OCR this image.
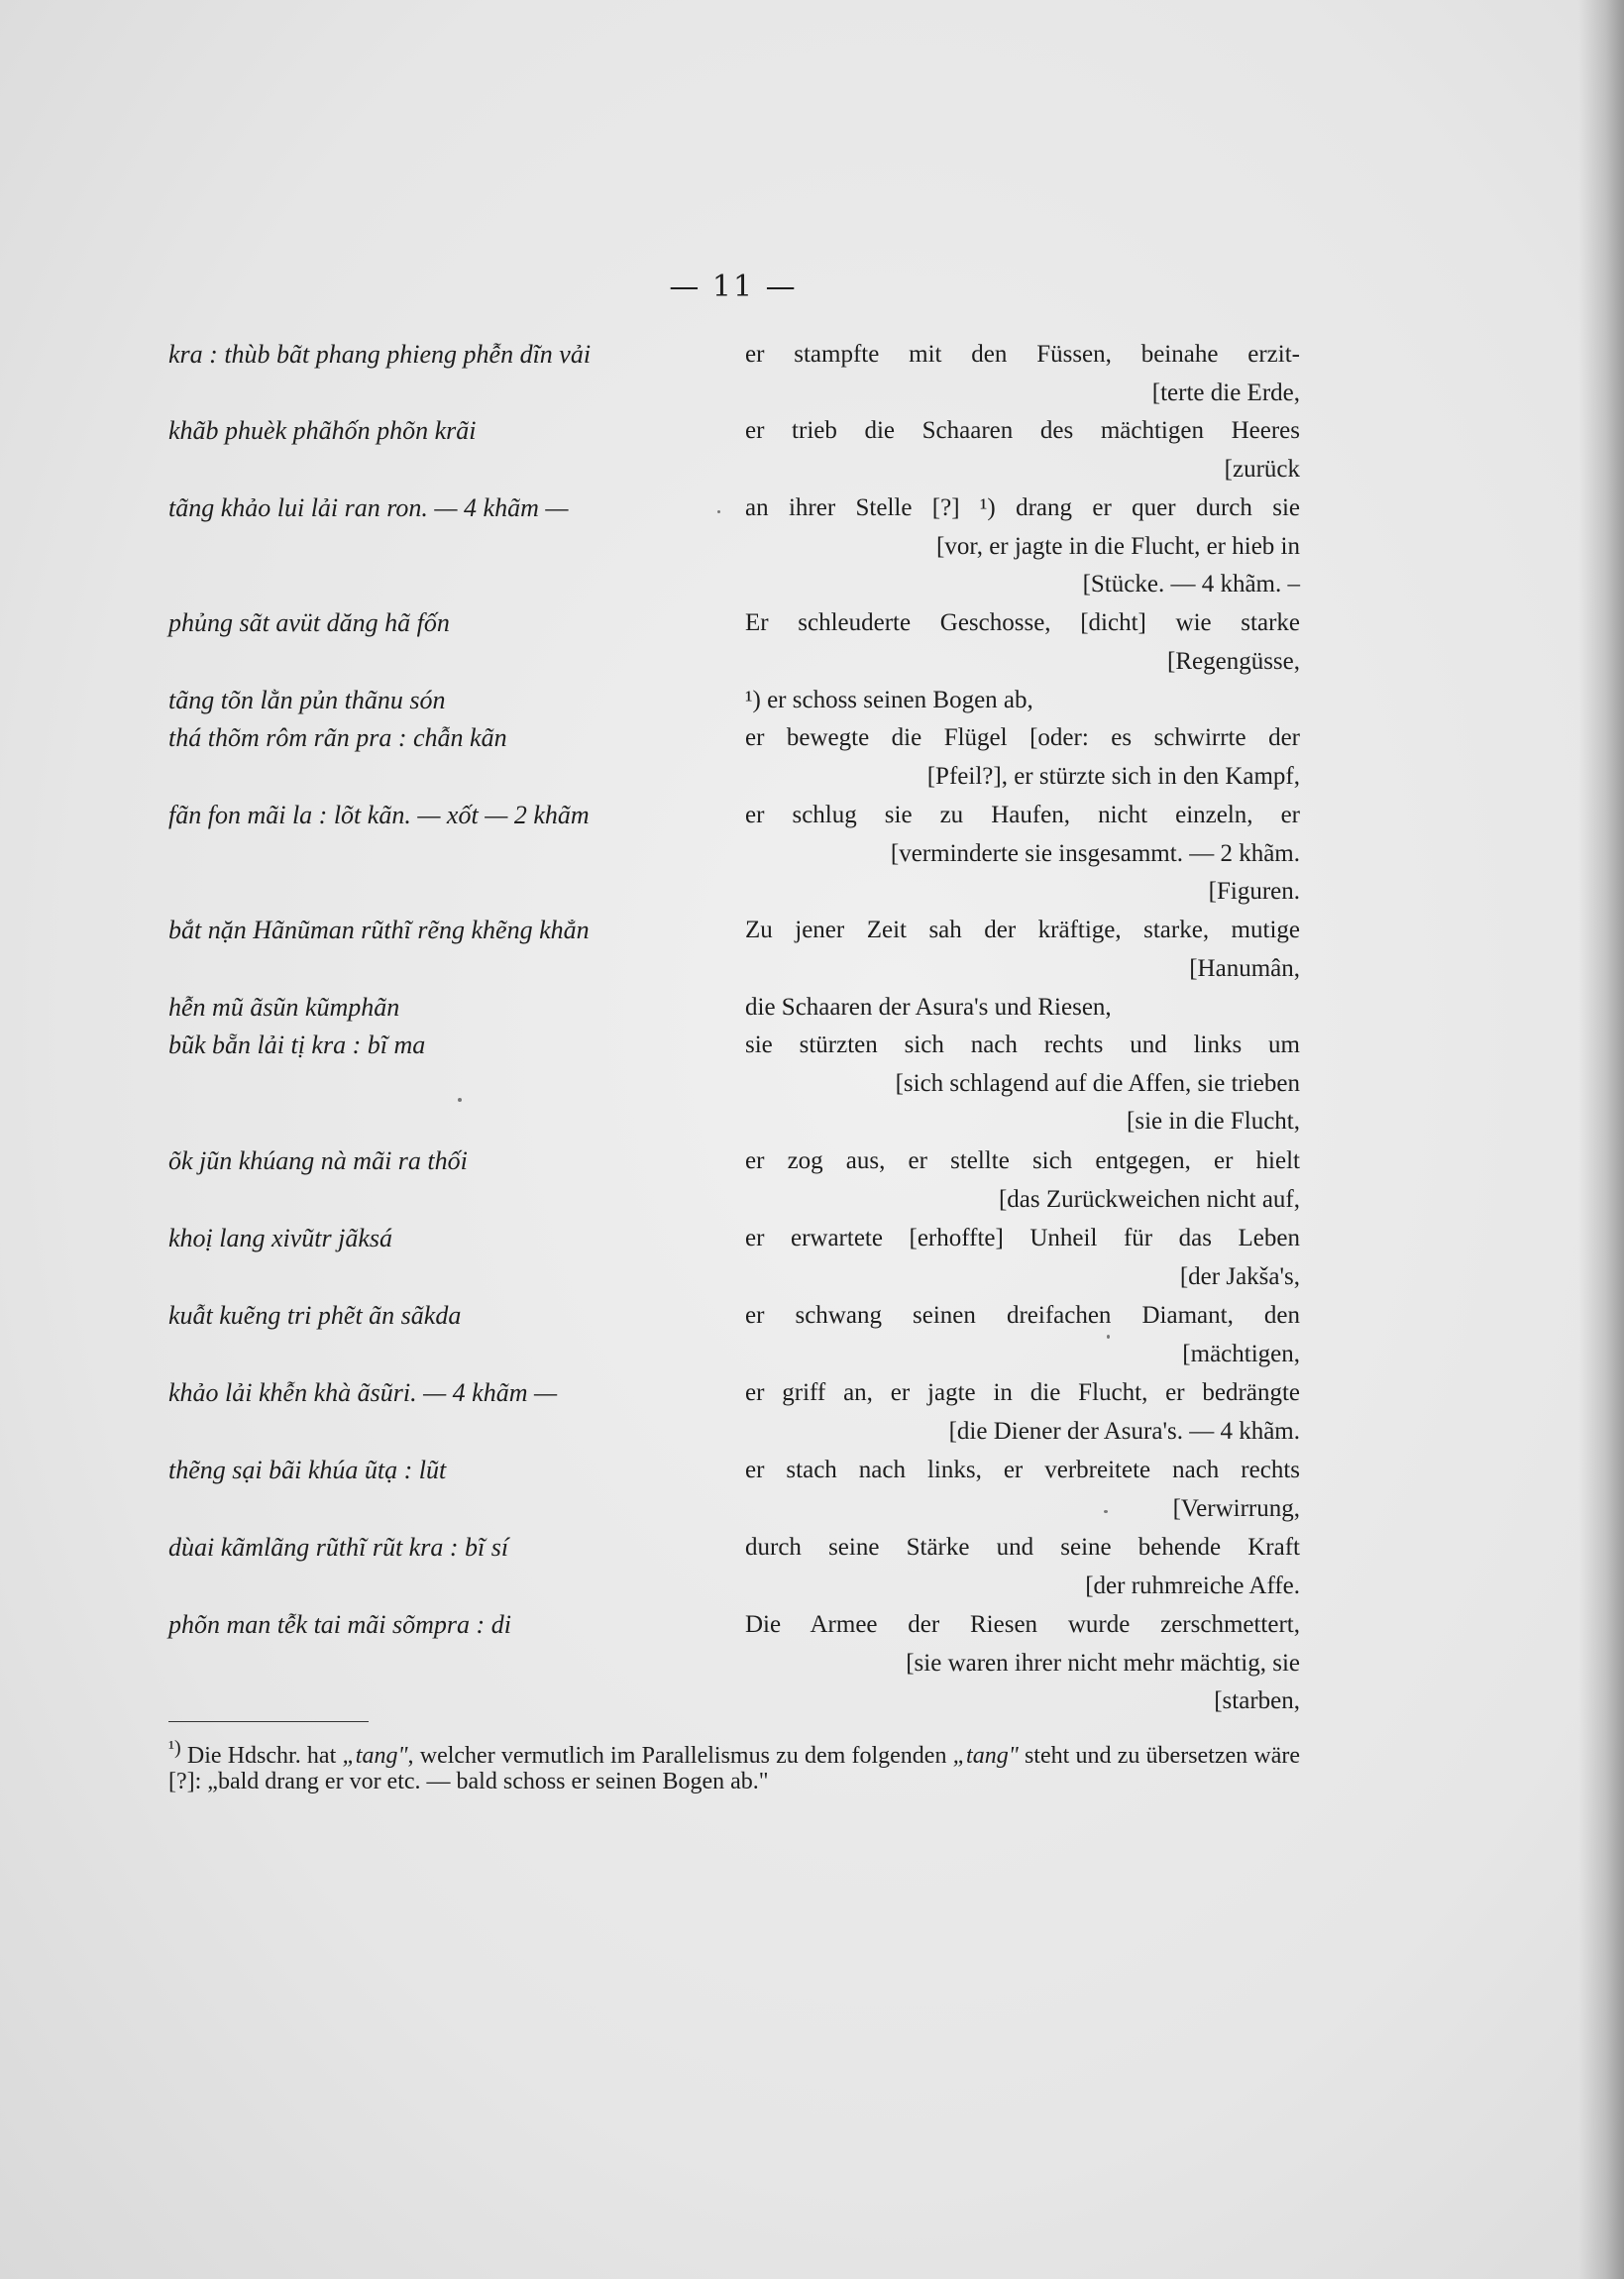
— 11 —
kra : thùb bãt phang phieng phễn dĩn vải	er stampfte mit den Füssen, beinahe erzit-
[terte die Erde,
khãb phuèk phãhốn phõn krãi	er trieb die Schaaren des mächtigen Heeres
[zurück
tãng khảo lui lải ran ron. — 4 khãm —	an ihrer Stelle [?] ¹) drang er quer durch sie
[vor, er jagte in die Flucht, er hieb in
[Stücke. — 4 khãm. –
phủng sãt avüt dăng hã fốn	Er schleuderte Geschosse, [dicht] wie starke
[Regengüsse,
tãng tõn lằn pủn thãnu són	¹) er schoss seinen Bogen ab,
thá thõm rôm rãn pra : chẫn kãn	er bewegte die Flügel [oder: es schwirrte der
[Pfeil?], er stürzte sich in den Kampf,
fãn fon mãi la : lõt kãn. — xốt — 2 khãm	er schlug sie zu Haufen, nicht einzeln, er
[verminderte sie insgesammt. — 2 khãm.
[Figuren.
bắt nặn Hãnũman rũthĩ rẽng khẽng khẳn	Zu jener Zeit sah der kräftige, starke, mutige
[Hanumân,
hễn mũ ãsũn kũmphãn	die Schaaren der Asura's und Riesen,
bũk bẵn lải tị kra : bĩ ma	sie stürzten sich nach rechts und links um
[sich schlagend auf die Affen, sie trieben
[sie in die Flucht,
õk jũn khúang nà mãi ra thối	er zog aus, er stellte sich entgegen, er hielt
[das Zurückweichen nicht auf,
khoị lang xivũtr jãksá	er erwartete [erhoffte] Unheil für das Leben
[der Jakša's,
kuẫt kuẽng tri phẽt ãn sãkda	er schwang seinen dreifachen Diamant, den
[mächtigen,
khảo lải khễn khà ãsũri. — 4 khãm —	er griff an, er jagte in die Flucht, er bedrängte
[die Diener der Asura's. — 4 khãm.
thẽng sại bãi khúa ũtạ : lũt	er stach nach links, er verbreitete nach rechts
[Verwirrung,
dùai kãmlãng rũthĩ rũt kra : bĩ sí	durch seine Stärke und seine behende Kraft
[der ruhmreiche Affe.
phõn man tễk tai mãi sõmpra : di	Die Armee der Riesen wurde zerschmettert,
[sie waren ihrer nicht mehr mächtig, sie
[starben,
$^{^1)}$ Die Hdschr. hat „tang", welcher vermutlich im Parallelismus zu dem folgenden „tang" steht und zu übersetzen wäre [?]: „bald drang er vor etc. — bald schoss er seinen Bogen ab."
